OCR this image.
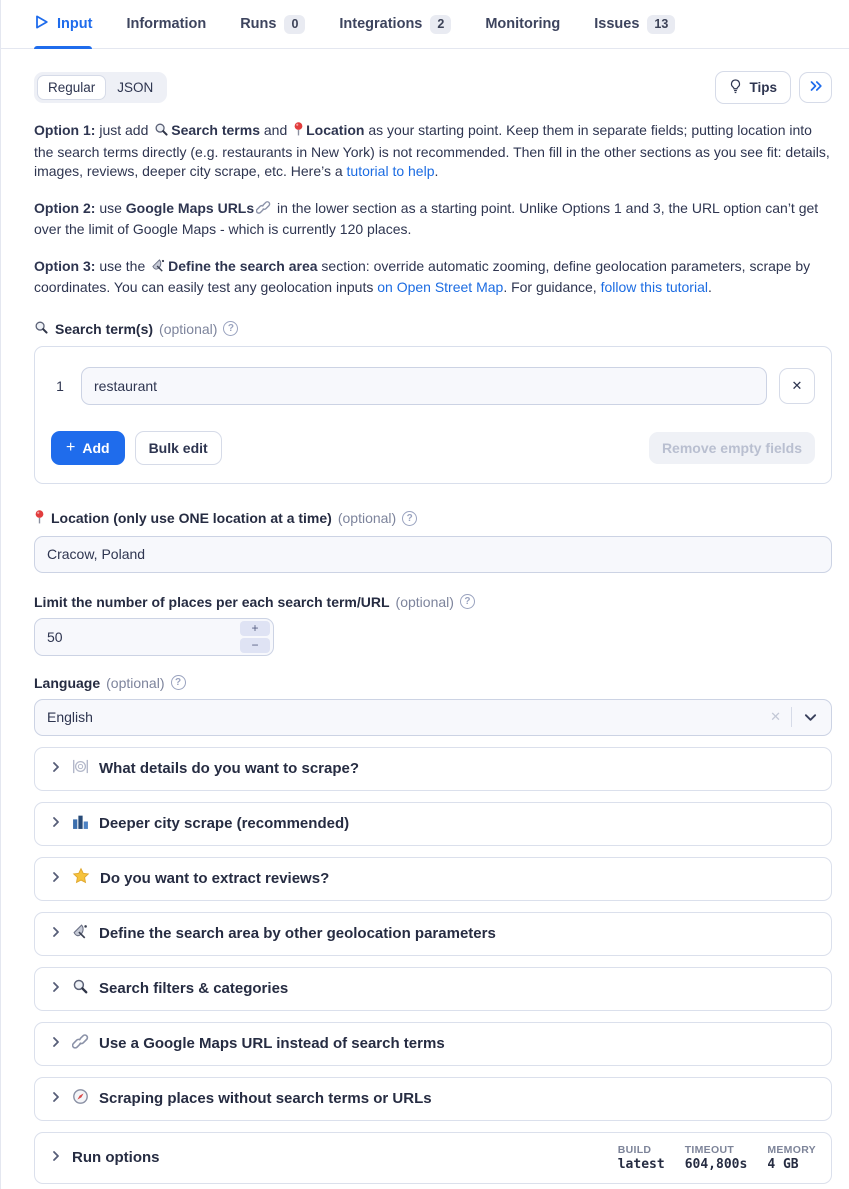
Input Information Runs	0	Integrations	2	Monitoring Issues	13
Regular	JSON	Tips

Option 1: just add Search terms and Location as your starting point. Keep them in separate fields; putting location into the search terms directly (e.g. restaurants in New York) is not recommended. Then fill in the other sections as you see fit: details, images, reviews, deeper city scrape, etc. Here’s a tutorial to help.

Option 2: use Google Maps URLs in the lower section as a starting point. Unlike Options 1 and 3, the URL option can’t get over the limit of Google Maps - which is currently 120 places.

Option 3: use the Define the search area section: override automatic zooming, define geolocation parameters, scrape by coordinates. You can easily test any geolocation inputs on Open Street Map. For guidance, follow this tutorial.

Search term(s) (optional)	?
1
restaurant	✕
+ Add	Bulk edit	Remove empty fields
Location (only use ONE location at a time) (optional)	?
Cracow, Poland
Limit the number of places per each search term/URL (optional)	?
50
+
−
Language (optional)	?
English	✕
What details do you want to scrape?
Deeper city scrape (recommended)
Do you want to extract reviews?
Define the search area by other geolocation parameters
Search filters & categories
Use a Google Maps URL instead of search terms
Scraping places without search terms or URLs
Run options	BUILD
latest
TIMEOUT
604,800s
MEMORY
4 GB
